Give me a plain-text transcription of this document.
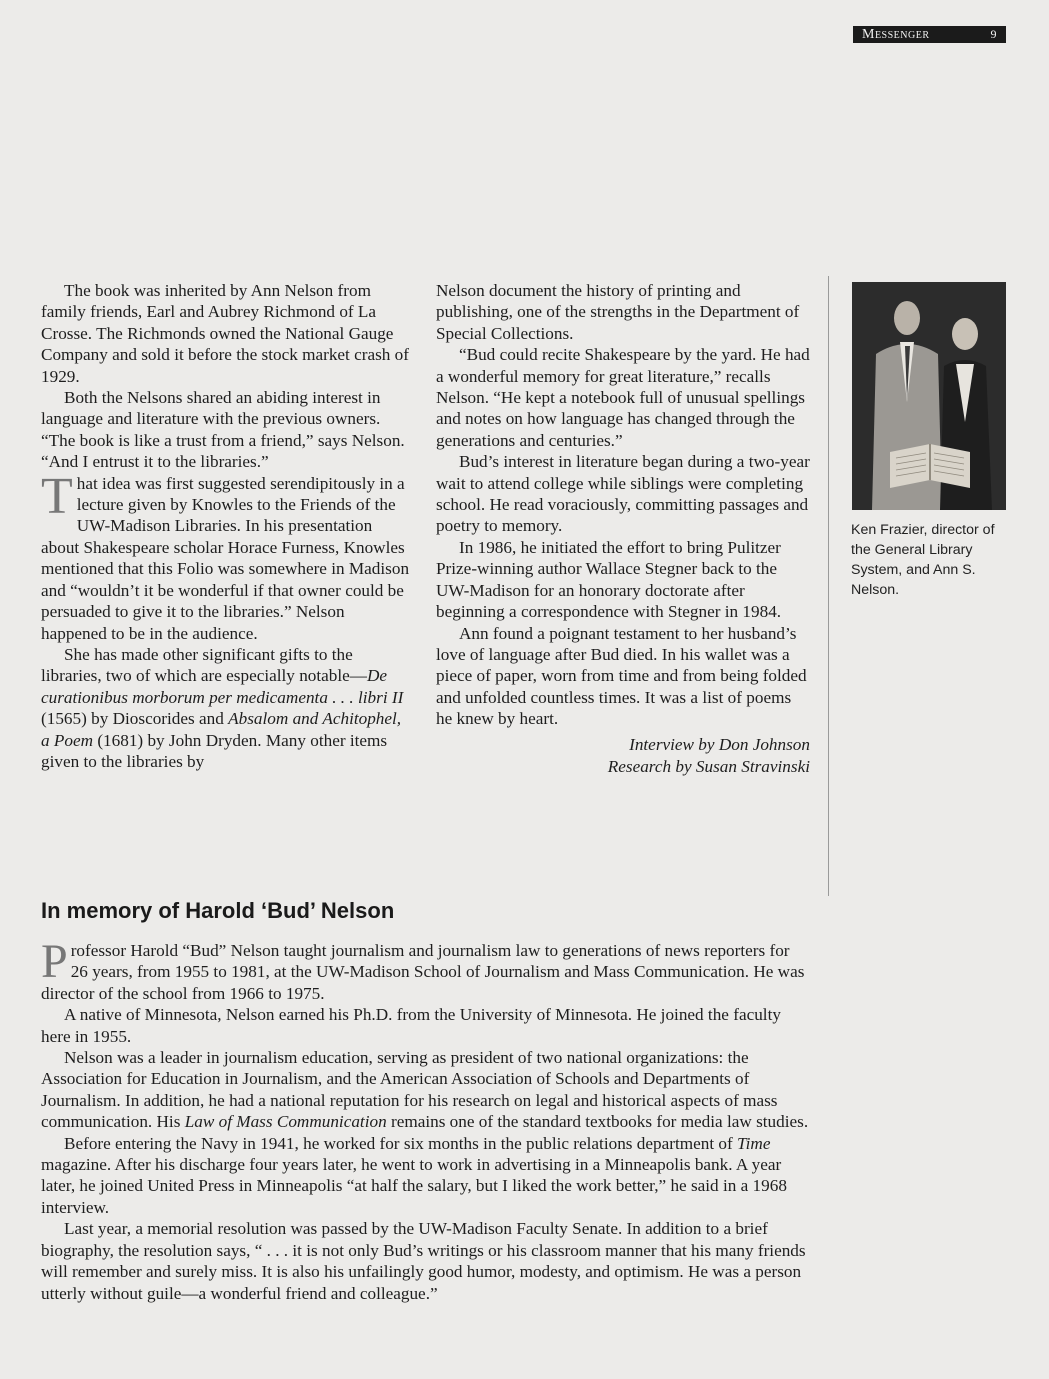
Messenger	9

The book was inherited by Ann Nelson from family friends, Earl and Aubrey Richmond of La Crosse. The Richmonds owned the National Gauge Company and sold it before the stock market crash of 1929.

Both the Nelsons shared an abiding interest in language and literature with the previous owners. “The book is like a trust from a friend,” says Nelson. “And I entrust it to the libraries.”

That idea was first suggested serendipitously in a lecture given by Knowles to the Friends of the UW-Madison Libraries. In his presentation about Shakespeare scholar Horace Furness, Knowles mentioned that this Folio was somewhere in Madison and “wouldn’t it be wonderful if that owner could be persuaded to give it to the libraries.” Nelson happened to be in the audience.

She has made other significant gifts to the libraries, two of which are especially notable—De curationibus morborum per medicamenta . . . libri II (1565) by Dioscorides and Absalom and Achitophel, a Poem (1681) by John Dryden. Many other items given to the libraries by

Nelson document the history of printing and publishing, one of the strengths in the Department of Special Collections.

“Bud could recite Shakespeare by the yard. He had a wonderful memory for great literature,” recalls Nelson. “He kept a notebook full of unusual spellings and notes on how language has changed through the generations and centuries.”

Bud’s interest in literature began during a two-year wait to attend college while siblings were completing school. He read voraciously, committing passages and poetry to memory.

In 1986, he initiated the effort to bring Pulitzer Prize-winning author Wallace Stegner back to the UW-Madison for an honorary doctorate after beginning a correspondence with Stegner in 1984.

Ann found a poignant testament to her husband’s love of language after Bud died. In his wallet was a piece of paper, worn from time and from being folded and unfolded countless times. It was a list of poems he knew by heart.

Interview by Don Johnson
Research by Susan Stravinski
Ken Frazier, director of the General Library System, and Ann S. Nelson.
In memory of Harold ‘Bud’ Nelson

Professor Harold “Bud” Nelson taught journalism and journalism law to generations of news reporters for 26 years, from 1955 to 1981, at the UW-Madison School of Journalism and Mass Communication. He was director of the school from 1966 to 1975.

A native of Minnesota, Nelson earned his Ph.D. from the University of Minnesota. He joined the faculty here in 1955.

Nelson was a leader in journalism education, serving as president of two national organizations: the Association for Education in Journalism, and the American Association of Schools and Departments of Journalism. In addition, he had a national reputation for his research on legal and historical aspects of mass communication. His Law of Mass Communication remains one of the standard textbooks for media law studies.

Before entering the Navy in 1941, he worked for six months in the public relations department of Time magazine. After his discharge four years later, he went to work in advertising in a Minneapolis bank. A year later, he joined United Press in Minneapolis “at half the salary, but I liked the work better,” he said in a 1968 interview.

Last year, a memorial resolution was passed by the UW-Madison Faculty Senate. In addition to a brief biography, the resolution says, “ . . . it is not only Bud’s writings or his classroom manner that his many friends will remember and surely miss. It is also his unfailingly good humor, modesty, and optimism. He was a person utterly without guile—a wonderful friend and colleague.”
